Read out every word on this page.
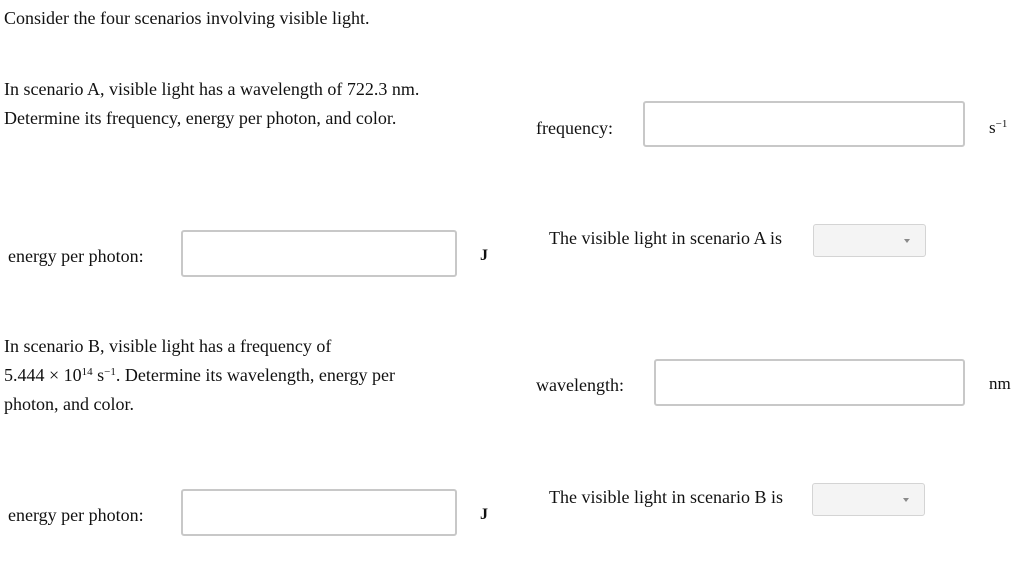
Consider the four scenarios involving visible light.
In scenario A, visible light has a wavelength of 722.3 nm.
Determine its frequency, energy per photon, and color.	frequency:	$s^{-1}$
The visible light in scenario A is
energy per photon:	J
In scenario B, visible light has a frequency of
$5.444 \times 10^{14}$ $s^{-1}$. Determine its wavelength, energy per
photon, and color.
wavelength:	nm
The visible light in scenario B is
energy per photon:	J
